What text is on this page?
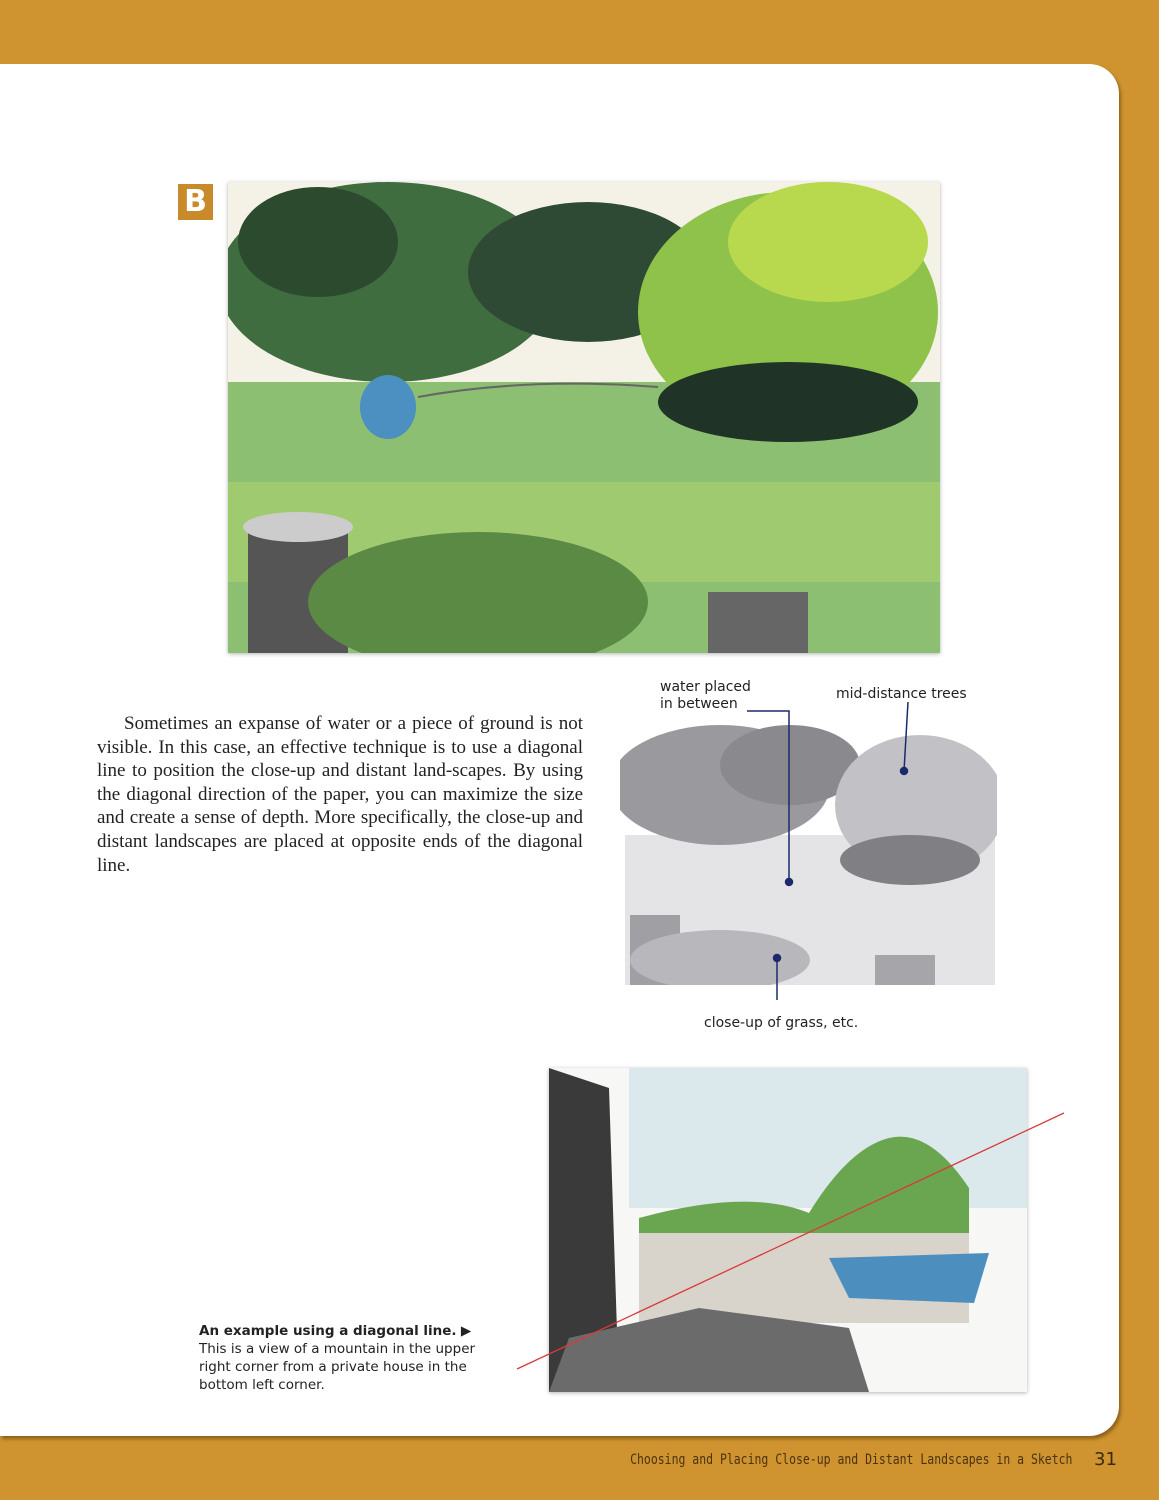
B

Sometimes an expanse of water or a piece of ground is not visible. In this case, an effective technique is to use a diagonal line to position the close-up and distant land-scapes. By using the diagonal direction of the paper, you can maximize the size and create a sense of depth. More specifically, the close-up and distant landscapes are placed at opposite ends of the diagonal line.

water placed
in between
mid-distance trees
close-up of grass, etc.

An example using a diagonal line. ▶
This is a view of a mountain in the upper right corner from a private house in the bottom left corner.

Choosing and Placing Close-up and Distant Landscapes in a Sketch 31
